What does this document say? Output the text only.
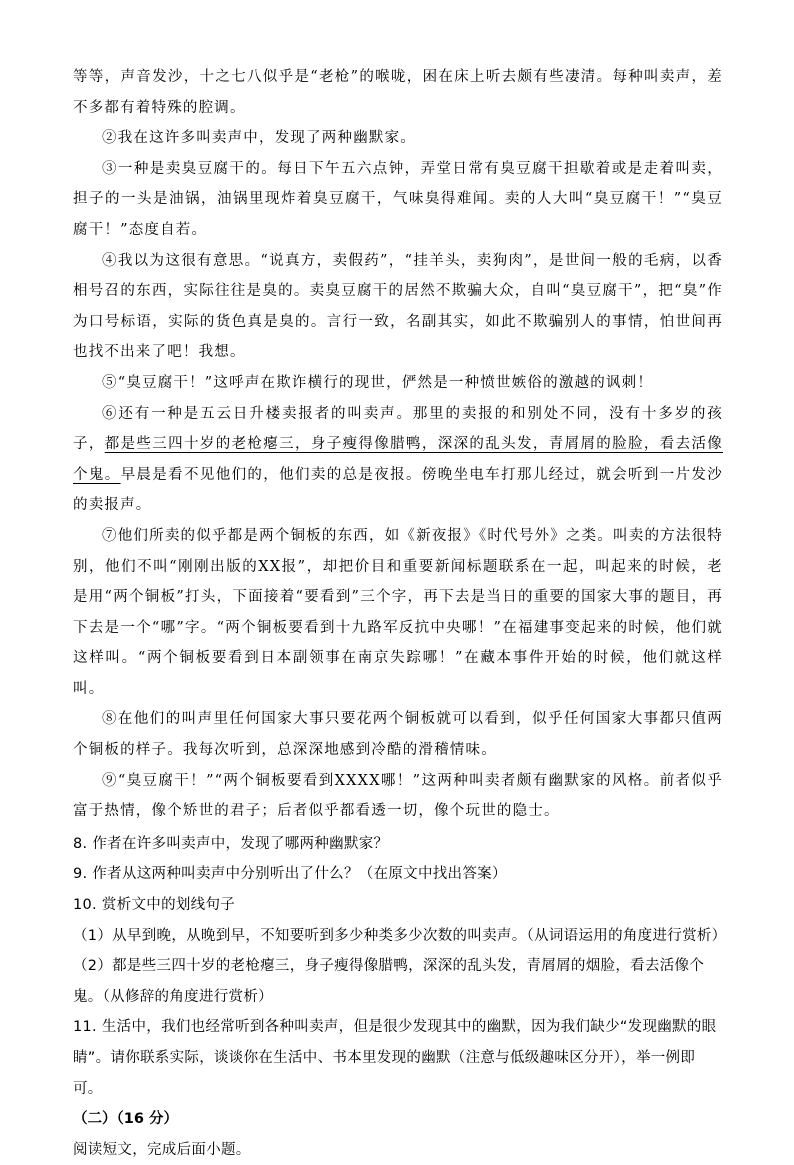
等等，声音发沙，十之七八似乎是“老枪”的喉咙，困在床上听去颇有些凄清。每种叫卖声，差不多都有着特殊的腔调。

②我在这许多叫卖声中，发现了两种幽默家。

③一种是卖臭豆腐干的。每日下午五六点钟，弄堂日常有臭豆腐干担歇着或是走着叫卖，担子的一头是油锅，油锅里现炸着臭豆腐干，气味臭得难闻。卖的人大叫“臭豆腐干！”“臭豆腐干！”态度自若。

④我以为这很有意思。“说真方，卖假药”，“挂羊头，卖狗肉”，是世间一般的毛病，以香相号召的东西，实际往往是臭的。卖臭豆腐干的居然不欺骗大众，自叫“臭豆腐干”，把“臭”作为口号标语，实际的货色真是臭的。言行一致，名副其实，如此不欺骗别人的事情，怕世间再也找不出来了吧！我想。

⑤“臭豆腐干！”这呼声在欺诈横行的现世，俨然是一种愤世嫉俗的激越的讽刺！

⑥还有一种是五云日升楼卖报者的叫卖声。那里的卖报的和别处不同，没有十多岁的孩子，都是些三四十岁的老枪瘪三，身子瘦得像腊鸭，深深的乱头发，青屑屑的脸脸，看去活像个鬼。早晨是看不见他们的，他们卖的总是夜报。傍晚坐电车打那儿经过，就会听到一片发沙的卖报声。

⑦他们所卖的似乎都是两个铜板的东西，如《新夜报》《时代号外》之类。叫卖的方法很特别，他们不叫“刚刚出版的XX报”，却把价目和重要新闻标题联系在一起，叫起来的时候，老是用“两个铜板”打头，下面接着“要看到”三个字，再下去是当日的重要的国家大事的题目，再下去是一个“哪”字。“两个铜板要看到十九路军反抗中央哪！”在福建事变起来的时候，他们就这样叫。“两个铜板要看到日本副领事在南京失踪哪！”在藏本事件开始的时候，他们就这样叫。

⑧在他们的叫声里任何国家大事只要花两个铜板就可以看到，似乎任何国家大事都只值两个铜板的样子。我每次听到，总深深地感到冷酷的滑稽情味。

⑨“臭豆腐干！”“两个铜板要看到XXXX哪！”这两种叫卖者颇有幽默家的风格。前者似乎富于热情，像个矫世的君子；后者似乎都看透一切，像个玩世的隐士。

8. 作者在许多叫卖声中，发现了哪两种幽默家？

9. 作者从这两种叫卖声中分别听出了什么？（在原文中找出答案）

10. 赏析文中的划线句子

（1）从早到晚，从晚到早，不知要听到多少种类多少次数的叫卖声。（从词语运用的角度进行赏析）

（2）都是些三四十岁的老枪瘪三，身子瘦得像腊鸭，深深的乱头发，青屑屑的烟脸，看去活像个鬼。（从修辞的角度进行赏析）

11. 生活中，我们也经常听到各种叫卖声，但是很少发现其中的幽默，因为我们缺少“发现幽默的眼睛”。请你联系实际，谈谈你在生活中、书本里发现的幽默（注意与低级趣味区分开），举一例即可。

（二）（16 分）

阅读短文，完成后面小题。
